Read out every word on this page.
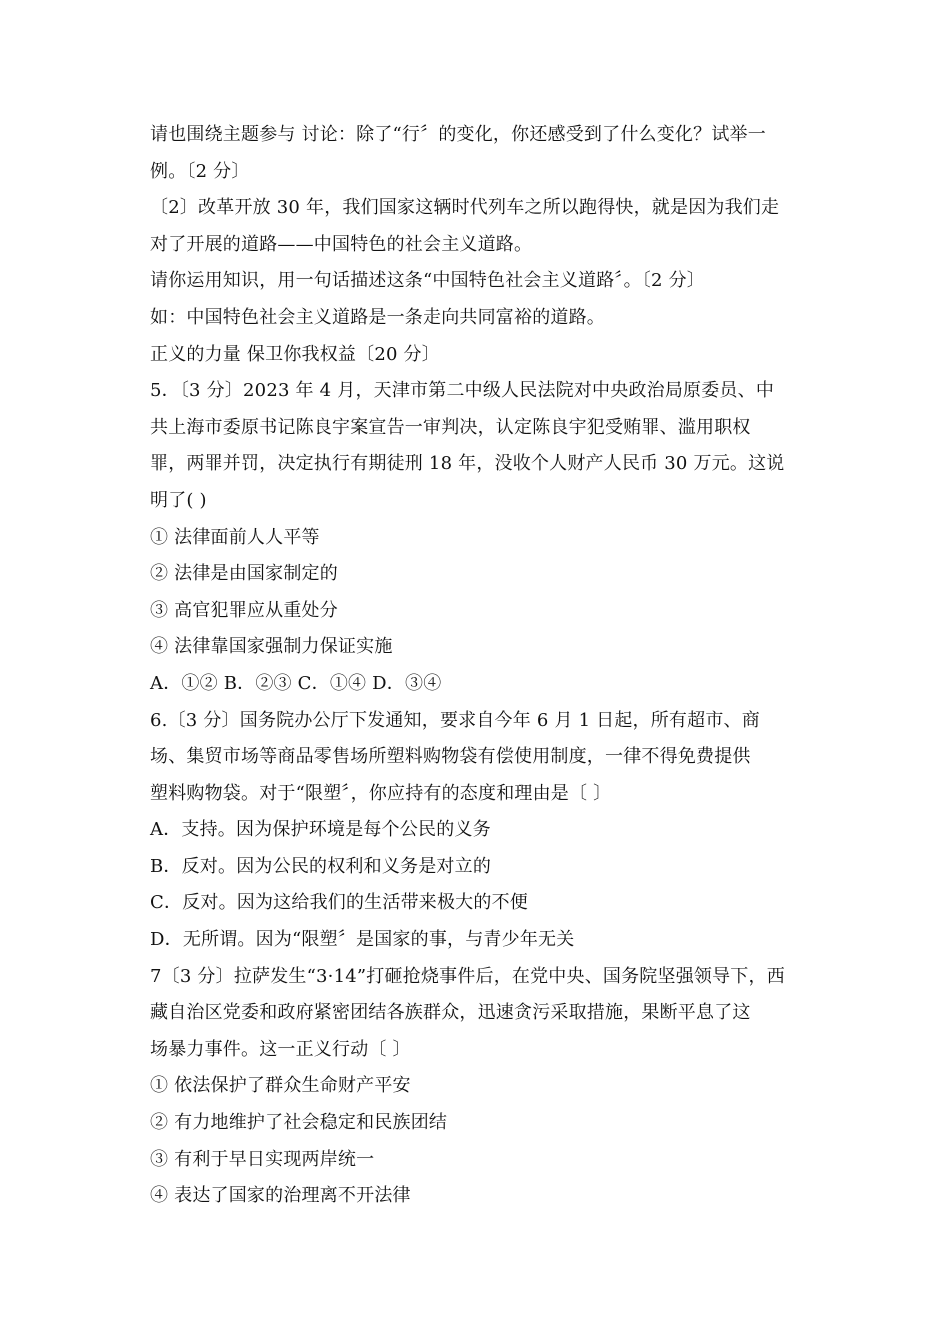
请也围绕主题参与 讨论：除了“行〞的变化，你还感受到了什么变化？试举一
例。〔2 分〕
〔2〕改革开放 30 年，我们国家这辆时代列车之所以跑得快，就是因为我们走
对了开展的道路——中国特色的社会主义道路。
请你运用知识，用一句话描述这条“中国特色社会主义道路〞。〔2 分〕
如：中国特色社会主义道路是一条走向共同富裕的道路。
正义的力量 保卫你我权益〔20 分〕
5．〔3 分〕2023 年 4 月，天津市第二中级人民法院对中央政治局原委员、中
共上海市委原书记陈良宇案宣告一审判决，认定陈良宇犯受贿罪、滥用职权
罪，两罪并罚，决定执行有期徒刑 18 年，没收个人财产人民币 30 万元。这说
明了( )
① 法律面前人人平等
② 法律是由国家制定的
③ 高官犯罪应从重处分
④ 法律靠国家强制力保证实施
A．①② B．②③ C．①④ D．③④
6.〔3 分〕国务院办公厅下发通知，要求自今年 6 月 1 日起，所有超市、商
场、集贸市场等商品零售场所塑料购物袋有偿使用制度，一律不得免费提供
塑料购物袋。对于“限塑〞，你应持有的态度和理由是〔 〕
A．支持。因为保护环境是每个公民的义务
B．反对。因为公民的权利和义务是对立的
C．反对。因为这给我们的生活带来极大的不便
D．无所谓。因为“限塑〞是国家的事，与青少年无关
7〔3 分〕拉萨发生“3·14”打砸抢烧事件后，在党中央、国务院坚强领导下，西
藏自治区党委和政府紧密团结各族群众，迅速贪污采取措施，果断平息了这
场暴力事件。这一正义行动〔 〕
① 依法保护了群众生命财产平安
② 有力地维护了社会稳定和民族团结
③ 有利于早日实现两岸统一
④ 表达了国家的治理离不开法律
